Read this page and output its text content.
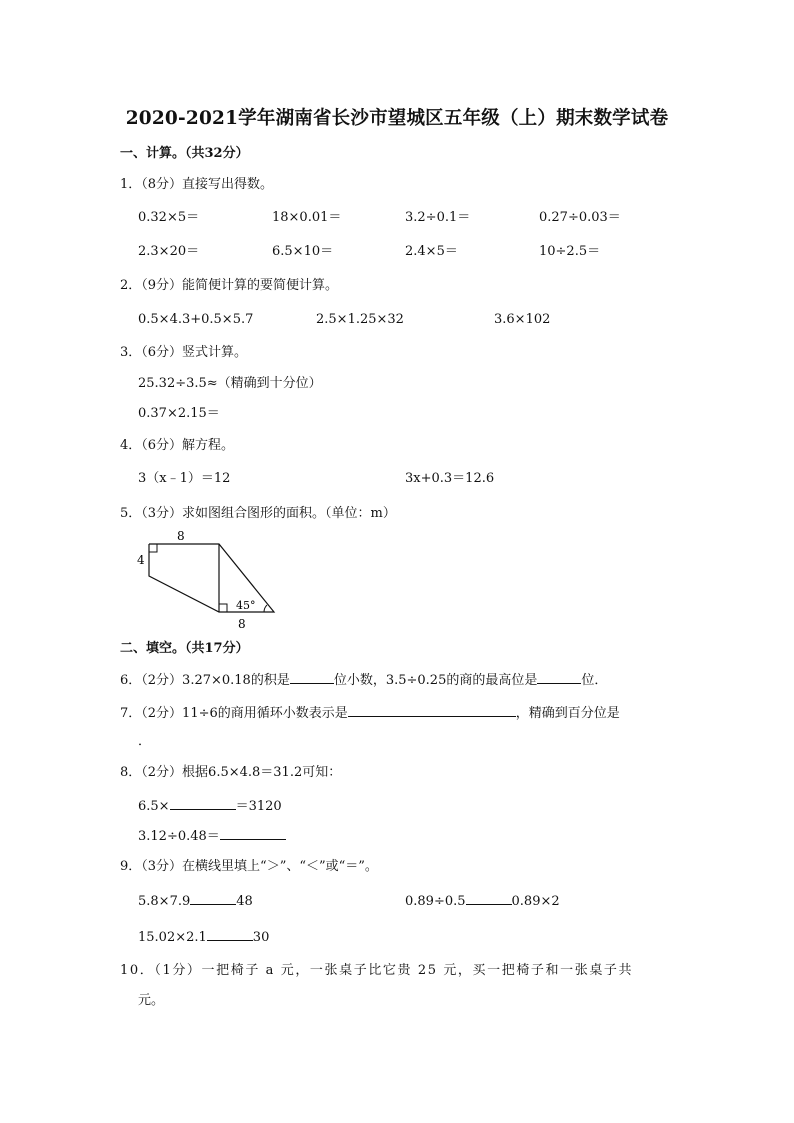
2020-2021学年湖南省长沙市望城区五年级（上）期末数学试卷
一、计算。（共32分）
1．（8分）直接写出得数。
0.32×5＝	18×0.01＝	3.2÷0.1＝	0.27÷0.03＝
2.3×20＝	6.5×10＝	2.4×5＝	10÷2.5＝
2．（9分）能简便计算的要简便计算。
0.5×4.3+0.5×5.7	2.5×1.25×32	3.6×102
3．（6分）竖式计算。
25.32÷3.5≈（精确到十分位）
0.37×2.15＝
4．（6分）解方程。
3（x﹣1）＝12	3x+0.3＝12.6
5．（3分）求如图组合图形的面积。（单位：m）
8
4
8
45°
二、填空。（共17分）
6．（2分）3.27×0.18的积是	位小数，3.5÷0.25的商的最高位是	位．
7．（2分）11÷6的商用循环小数表示是	，精确到百分位是
．
8．（2分）根据6.5×4.8＝31.2可知：
6.5×	＝3120
3.12÷0.48＝
9．（3分）在横线里填上“＞”、“＜”或“＝”。
5.8×7.9	48	0.89÷0.5	0.89×2
15.02×2.1	30
10．（1分）一把椅子 a 元，一张桌子比它贵 25 元，买一把椅子和一张桌子共
元。
